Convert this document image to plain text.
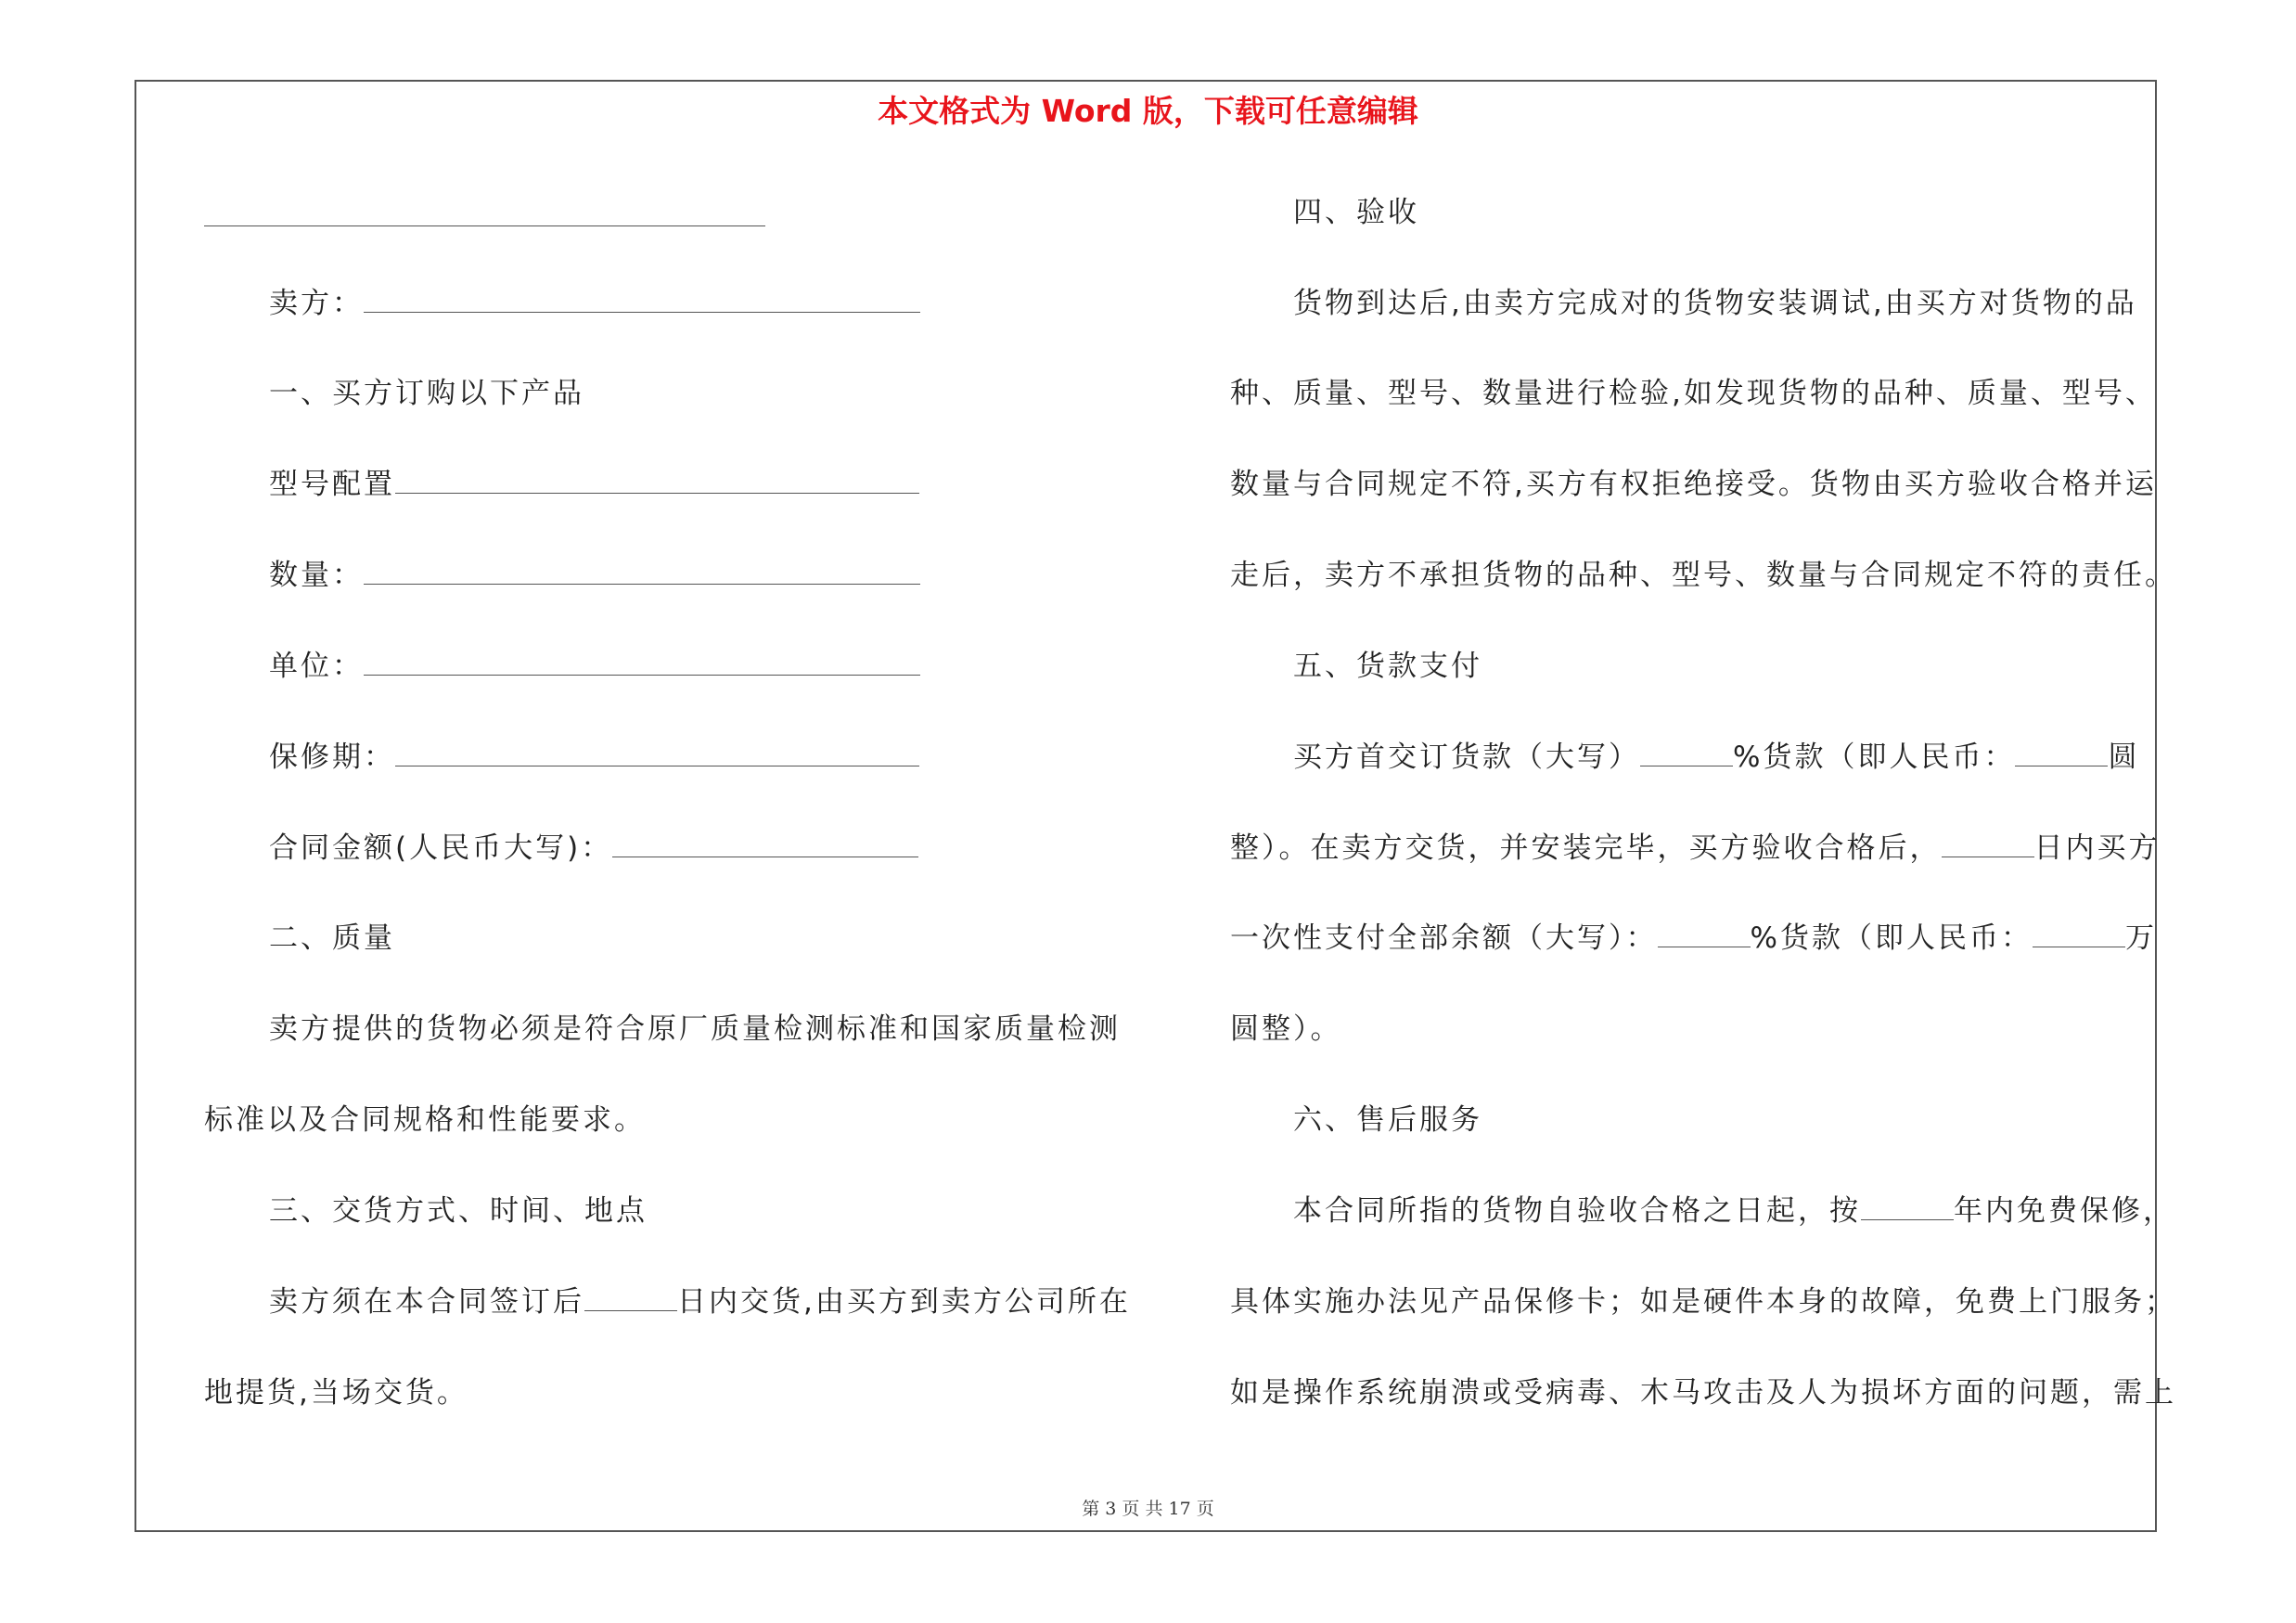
本文格式为 Word 版，下载可任意编辑
卖方：
一、买方订购以下产品
型号配置
数量：
单位：
保修期：
合同金额(人民币大写)：
二、质量
卖方提供的货物必须是符合原厂质量检测标准和国家质量检测
标准以及合同规格和性能要求。
三、交货方式、时间、地点
卖方须在本合同签订后	日内交货,由买方到卖方公司所在
地提货,当场交货。
四、验收
货物到达后,由卖方完成对的货物安装调试,由买方对货物的品
种、质量、型号、数量进行检验,如发现货物的品种、质量、型号、
数量与合同规定不符,买方有权拒绝接受。货物由买方验收合格并运
走后，卖方不承担货物的品种、型号、数量与合同规定不符的责任。
五、货款支付
买方首交订货款（大写）	%货款（即人民币：	圆
整）。在卖方交货，并安装完毕，买方验收合格后，	日内买方
一次性支付全部余额（大写）：	%货款（即人民币：	万
圆整）。
六、售后服务
本合同所指的货物自验收合格之日起，按	年内免费保修，
具体实施办法见产品保修卡；如是硬件本身的故障，免费上门服务；
如是操作系统崩溃或受病毒、木马攻击及人为损坏方面的问题，需上
第 3 页 共 17 页
